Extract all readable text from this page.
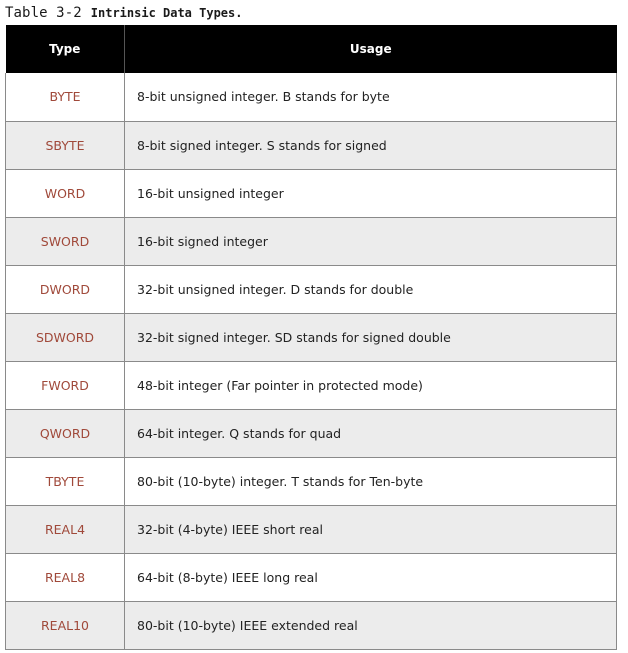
Table 3-2 Intrinsic Data Types.
Type	Usage
BYTE	8-bit unsigned integer. B stands for byte
SBYTE	8-bit signed integer. S stands for signed
WORD	16-bit unsigned integer
SWORD	16-bit signed integer
DWORD	32-bit unsigned integer. D stands for double
SDWORD	32-bit signed integer. SD stands for signed double
FWORD	48-bit integer (Far pointer in protected mode)
QWORD	64-bit integer. Q stands for quad
TBYTE	80-bit (10-byte) integer. T stands for Ten-byte
REAL4	32-bit (4-byte) IEEE short real
REAL8	64-bit (8-byte) IEEE long real
REAL10	80-bit (10-byte) IEEE extended real
